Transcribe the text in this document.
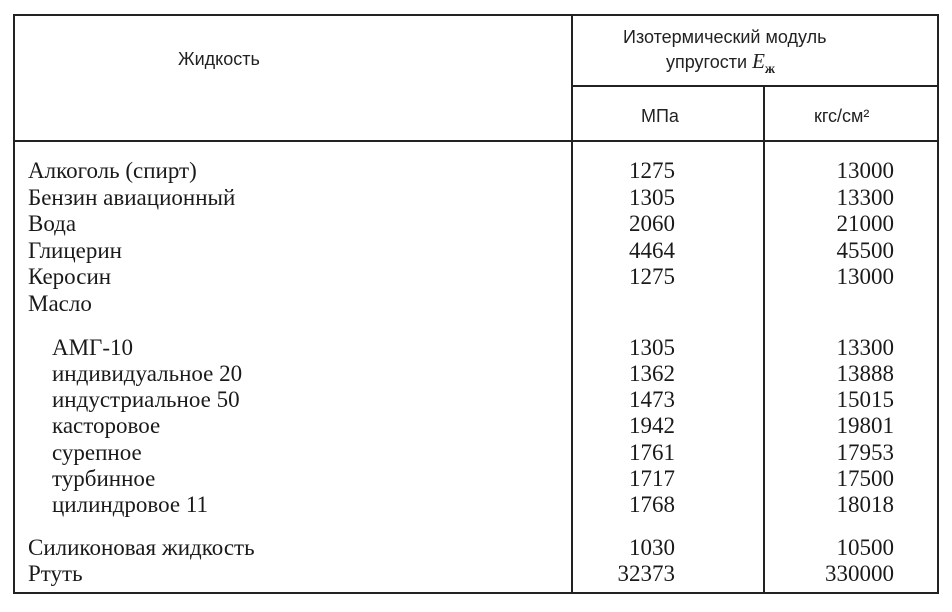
Жидкость
Изотермический модуль
упругости $E_ж$
МПа	кгс/см²
Алкоголь (спирт)	1275	13000
Бензин авиационный	1305	13300
Вода	2060	21000
Глицерин	4464	45500
Керосин	1275	13000
Масло
АМГ-10	1305	13300
индивидуальное 20	1362	13888
индустриальное 50	1473	15015
касторовое	1942	19801
сурепное	1761	17953
турбинное	1717	17500
цилиндровое 11	1768	18018
Силиконовая жидкость	1030	10500
Ртуть	32373	330000
